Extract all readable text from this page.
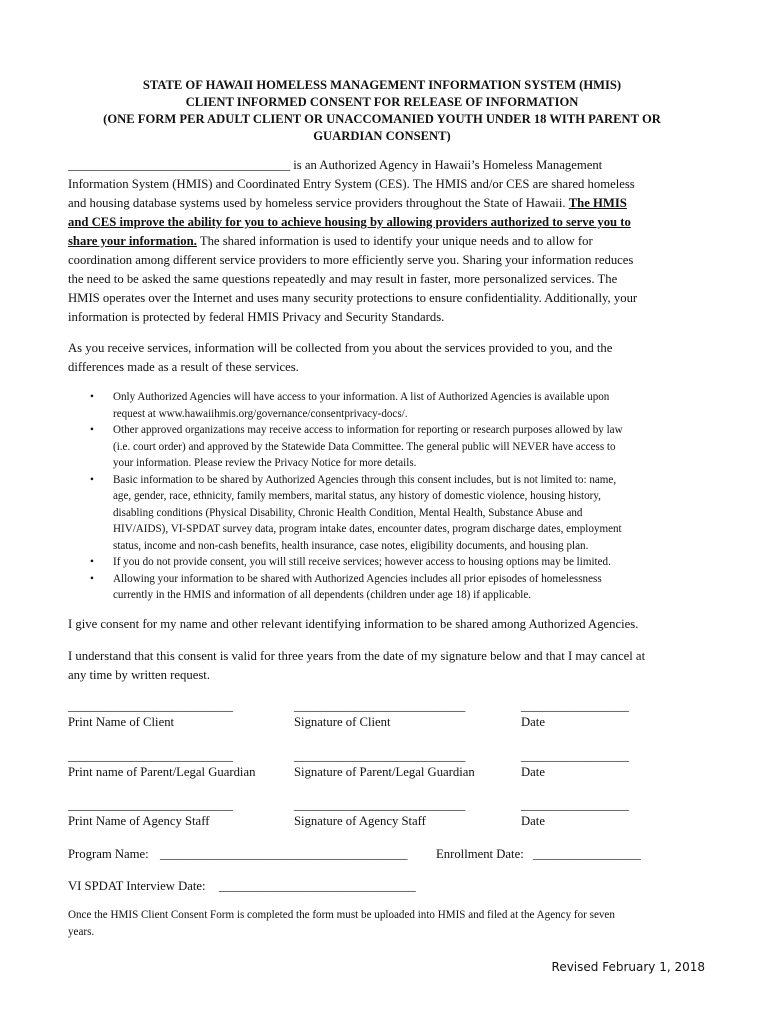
STATE OF HAWAII HOMELESS MANAGEMENT INFORMATION SYSTEM (HMIS)
CLIENT INFORMED CONSENT FOR RELEASE OF INFORMATION
(ONE FORM PER ADULT CLIENT OR UNACCOMANIED YOUTH UNDER 18 WITH PARENT OR
GUARDIAN CONSENT)
___________________________________ is an Authorized Agency in Hawaii’s Homeless Management
Information System (HMIS) and Coordinated Entry System (CES). The HMIS and/or CES are shared homeless
and housing database systems used by homeless service providers throughout the State of Hawaii. The HMIS
and CES improve the ability for you to achieve housing by allowing providers authorized to serve you to
share your information. The shared information is used to identify your unique needs and to allow for
coordination among different service providers to more efficiently serve you. Sharing your information reduces
the need to be asked the same questions repeatedly and may result in faster, more personalized services. The
HMIS operates over the Internet and uses many security protections to ensure confidentiality. Additionally, your
information is protected by federal HMIS Privacy and Security Standards.
As you receive services, information will be collected from you about the services provided to you, and the
differences made as a result of these services.
• Only Authorized Agencies will have access to your information. A list of Authorized Agencies is available upon
request at www.hawaiihmis.org/governance/consentprivacy-docs/.
• Other approved organizations may receive access to information for reporting or research purposes allowed by law
(i.e. court order) and approved by the Statewide Data Committee. The general public will NEVER have access to
your information. Please review the Privacy Notice for more details.
• Basic information to be shared by Authorized Agencies through this consent includes, but is not limited to: name,
age, gender, race, ethnicity, family members, marital status, any history of domestic violence, housing history,
disabling conditions (Physical Disability, Chronic Health Condition, Mental Health, Substance Abuse and
HIV/AIDS), VI-SPDAT survey data, program intake dates, encounter dates, program discharge dates, employment
status, income and non-cash benefits, health insurance, case notes, eligibility documents, and housing plan.
• If you do not provide consent, you will still receive services; however access to housing options may be limited.
• Allowing your information to be shared with Authorized Agencies includes all prior episodes of homelessness
currently in the HMIS and information of all dependents (children under age 18) if applicable.
I give consent for my name and other relevant identifying information to be shared among Authorized Agencies.
I understand that this consent is valid for three years from the date of my signature below and that I may cancel at
any time by written request.
__________________________	___________________________	_________________
Print Name of Client	Signature of Client	Date
__________________________	___________________________	_________________
Print name of Parent/Legal Guardian	Signature of Parent/Legal Guardian	Date
__________________________	___________________________	_________________
Print Name of Agency Staff	Signature of Agency Staff	Date
Program Name: _______________________________________ Enrollment Date: _________________
VI SPDAT Interview Date: _______________________________
Once the HMIS Client Consent Form is completed the form must be uploaded into HMIS and filed at the Agency for seven
years.
Revised February 1, 2018
